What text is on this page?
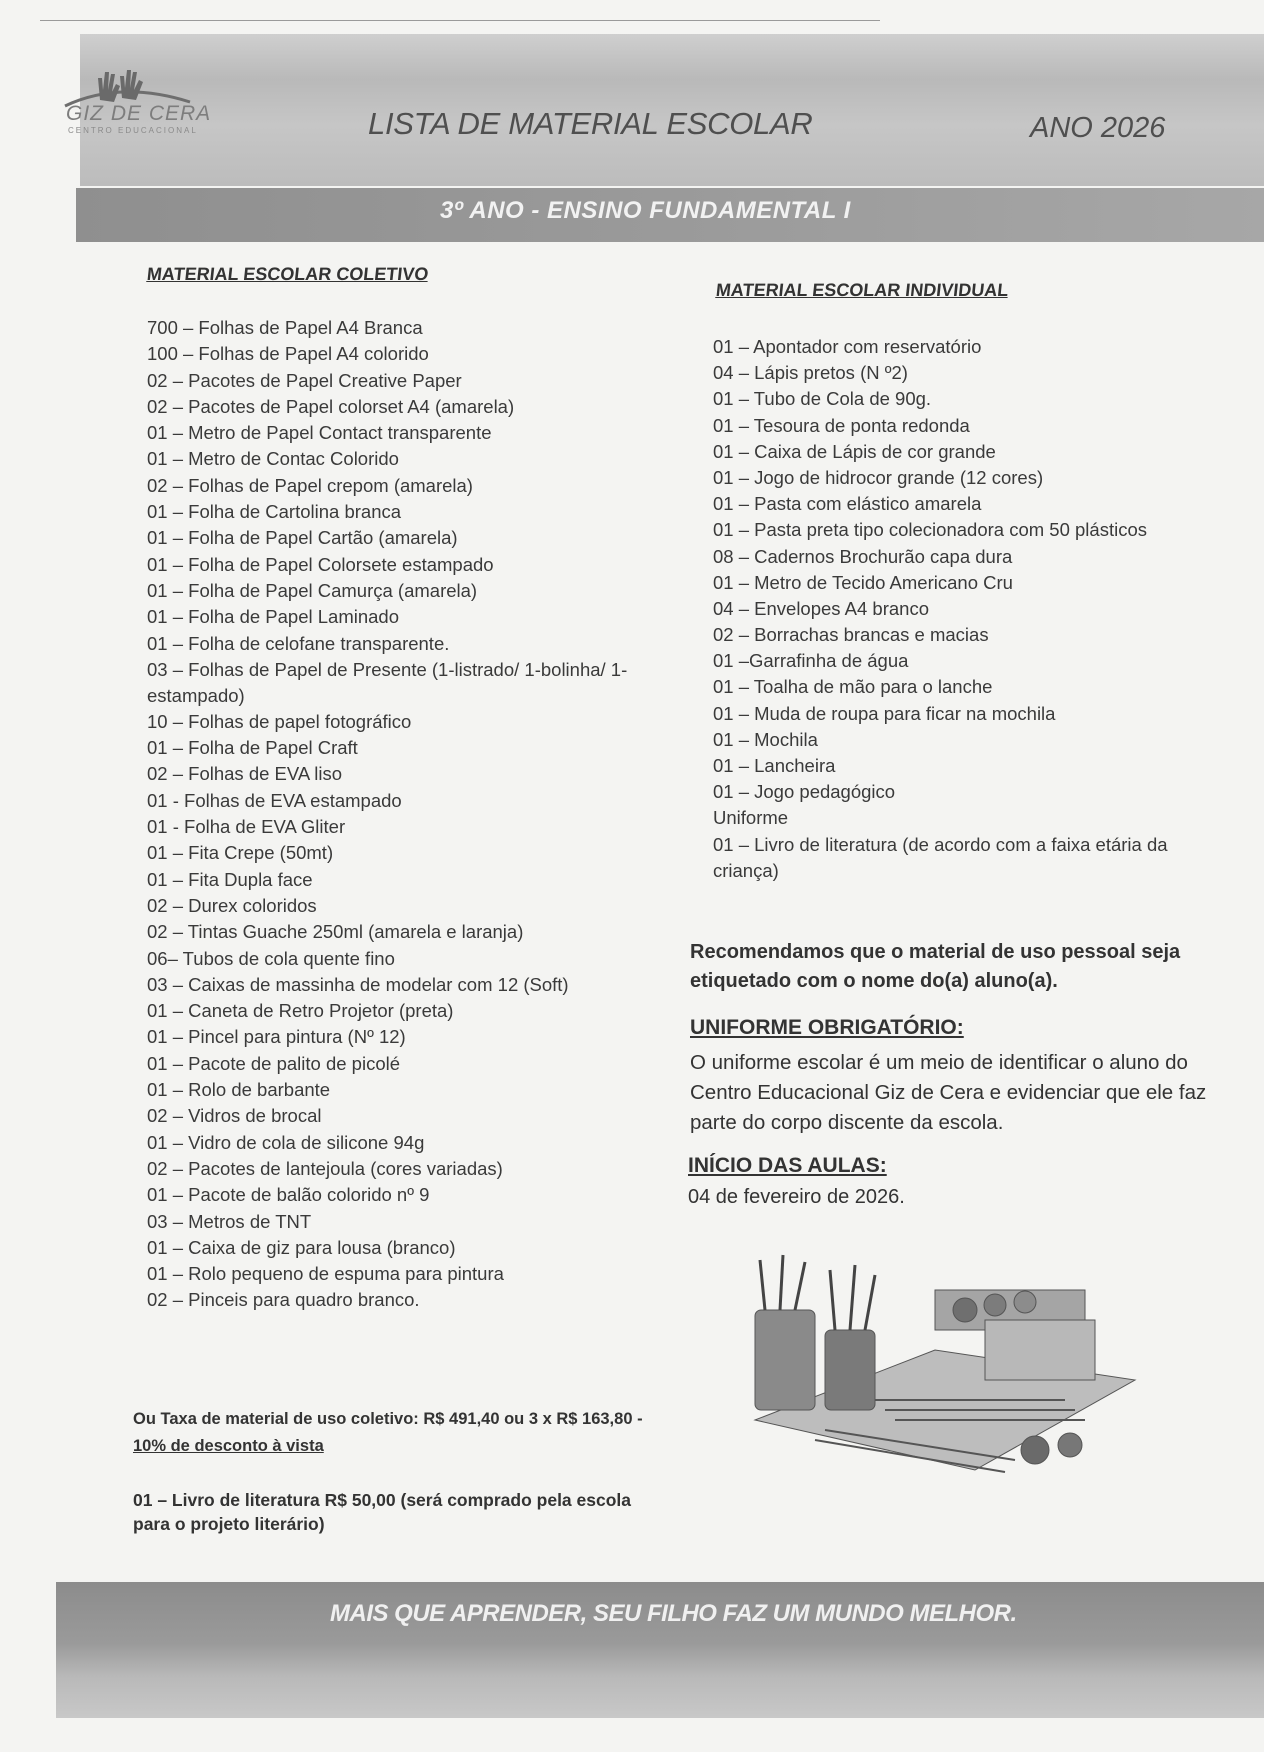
GIZ DE CERA
CENTRO EDUCACIONAL	LISTA DE MATERIAL ESCOLAR	ANO 2026
3º ANO - ENSINO FUNDAMENTAL I
MATERIAL ESCOLAR COLETIVO
700 – Folhas de Papel A4 Branca
100 – Folhas de Papel A4 colorido
02 – Pacotes de Papel Creative Paper
02 – Pacotes de Papel colorset A4 (amarela)
01 – Metro de Papel Contact transparente
01 – Metro de Contac Colorido
02 – Folhas de Papel crepom (amarela)
01 – Folha de Cartolina branca
01 – Folha de Papel Cartão (amarela)
01 – Folha de Papel Colorsete estampado
01 – Folha de Papel Camurça (amarela)
01 – Folha de Papel Laminado
01 – Folha de celofane transparente.
03 – Folhas de Papel de Presente (1-listrado/ 1-bolinha/ 1-estampado)
10 – Folhas de papel fotográfico
01 – Folha de Papel Craft
02 – Folhas de EVA liso
01 - Folhas de EVA estampado
01 - Folha de EVA Gliter
01 – Fita Crepe (50mt)
01 – Fita Dupla face
02 – Durex coloridos
02 – Tintas Guache 250ml (amarela e laranja)
06– Tubos de cola quente fino
03 – Caixas de massinha de modelar com 12 (Soft)
01 – Caneta de Retro Projetor (preta)
01 – Pincel para pintura (Nº 12)
01 – Pacote de palito de picolé
01 – Rolo de barbante
02 – Vidros de brocal
01 – Vidro de cola de silicone 94g
02 – Pacotes de lantejoula (cores variadas)
01 – Pacote de balão colorido nº 9
03 – Metros de TNT
01 – Caixa de giz para lousa (branco)
01 – Rolo pequeno de espuma para pintura
02 – Pinceis para quadro branco.
MATERIAL ESCOLAR INDIVIDUAL
01 – Apontador com reservatório
04 – Lápis pretos (N º2)
01 – Tubo de Cola de 90g.
01 – Tesoura de ponta redonda
01 – Caixa de Lápis de cor grande
01 – Jogo de hidrocor grande (12 cores)
01 – Pasta com elástico amarela
01 – Pasta preta tipo colecionadora com 50 plásticos
08 – Cadernos Brochurão capa dura
01 – Metro de Tecido Americano Cru
04 – Envelopes A4 branco
02 – Borrachas brancas e macias
01 –Garrafinha de água
01 – Toalha de mão para o lanche
01 – Muda de roupa para ficar na mochila
01 – Mochila
01 – Lancheira
01 – Jogo pedagógico
Uniforme
01 – Livro de literatura (de acordo com a faixa etária da criança)
Recomendamos que o material de uso pessoal seja etiquetado com o nome do(a) aluno(a).
UNIFORME OBRIGATÓRIO:
O uniforme escolar é um meio de identificar o aluno do Centro Educacional Giz de Cera e evidenciar que ele faz parte do corpo discente da escola.
INÍCIO DAS AULAS:
04 de fevereiro de 2026.
Ou Taxa de material de uso coletivo: R$ 491,40 ou 3 x R$ 163,80 - 10% de desconto à vista
01 – Livro de literatura R$ 50,00 (será comprado pela escola para o projeto literário)
MAIS QUE APRENDER, SEU FILHO FAZ UM MUNDO MELHOR.
